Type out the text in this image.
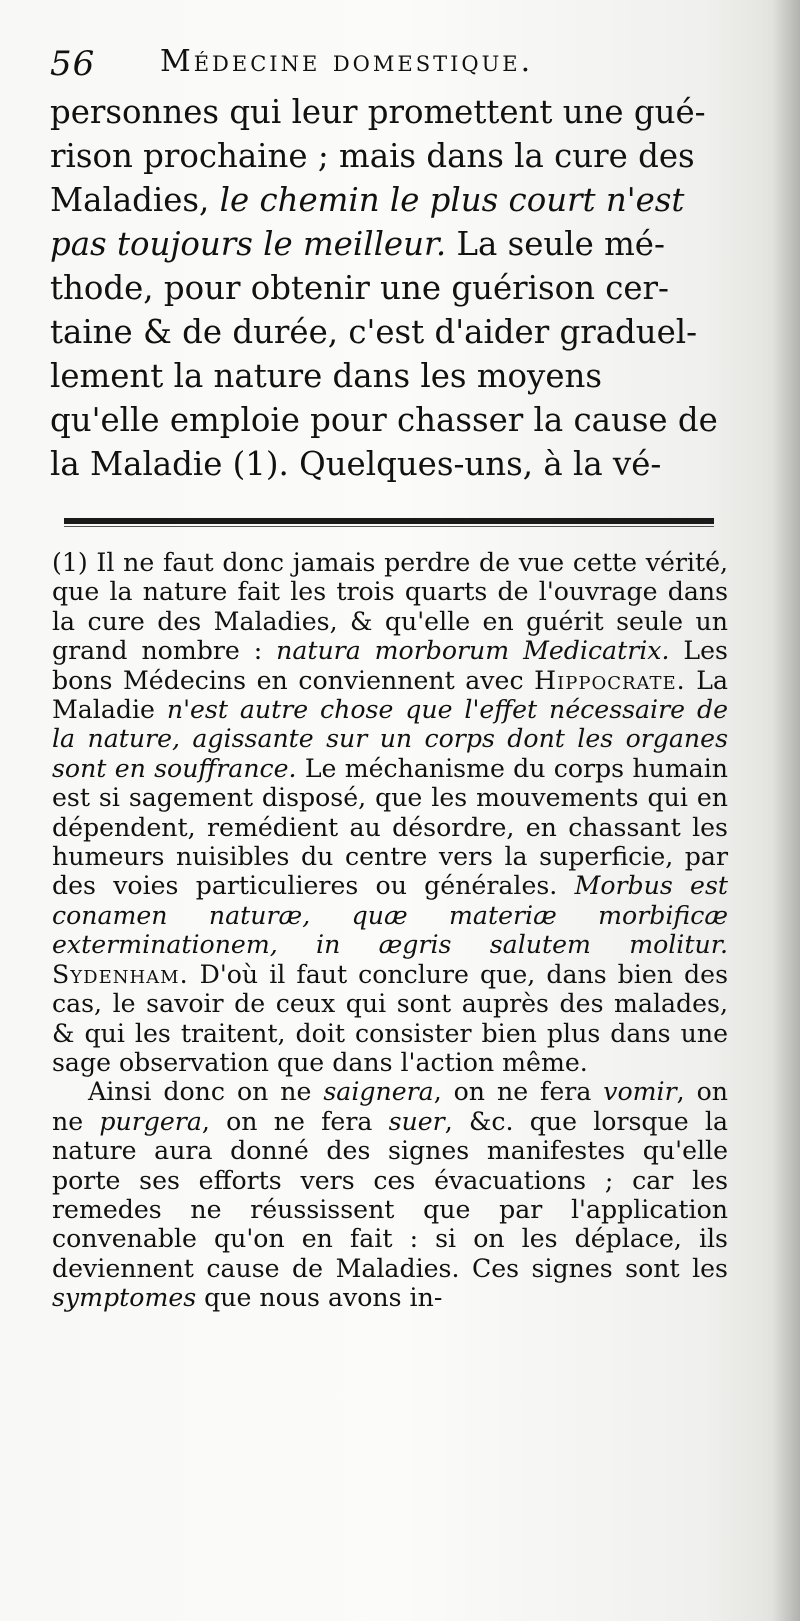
56 Médecine domestique.

personnes qui leur promettent une gué-
rison prochaine ; mais dans la cure des
Maladies, le chemin le plus court n'est
pas toujours le meilleur. La seule mé-
thode, pour obtenir une guérison cer-
taine & de durée, c'est d'aider graduel-
lement la nature dans les moyens
qu'elle emploie pour chasser la cause de
la Maladie (1). Quelques-uns, à la vé-

(1) Il ne faut donc jamais perdre de vue cette vérité, que la nature fait les trois quarts de l'ouvrage dans la cure des Maladies, & qu'elle en guérit seule un grand nombre : natura morborum Medicatrix. Les bons Médecins en conviennent avec Hippocrate. La Maladie n'est autre chose que l'effet nécessaire de la nature, agissante sur un corps dont les organes sont en souffrance. Le méchanisme du corps humain est si sagement disposé, que les mouvements qui en dépendent, remédient au désordre, en chassant les humeurs nuisibles du centre vers la superficie, par des voies particulieres ou générales. Morbus est conamen naturæ, quæ materiæ morbificæ exterminationem, in ægris salutem molitur. Sydenham. D'où il faut conclure que, dans bien des cas, le savoir de ceux qui sont auprès des malades, & qui les traitent, doit consister bien plus dans une sage observation que dans l'action même.

Ainsi donc on ne saignera, on ne fera vomir, on ne purgera, on ne fera suer, &c. que lorsque la nature aura donné des signes manifestes qu'elle porte ses efforts vers ces évacuations ; car les remedes ne réussissent que par l'application convenable qu'on en fait : si on les déplace, ils deviennent cause de Maladies. Ces signes sont les symptomes que nous avons in-
